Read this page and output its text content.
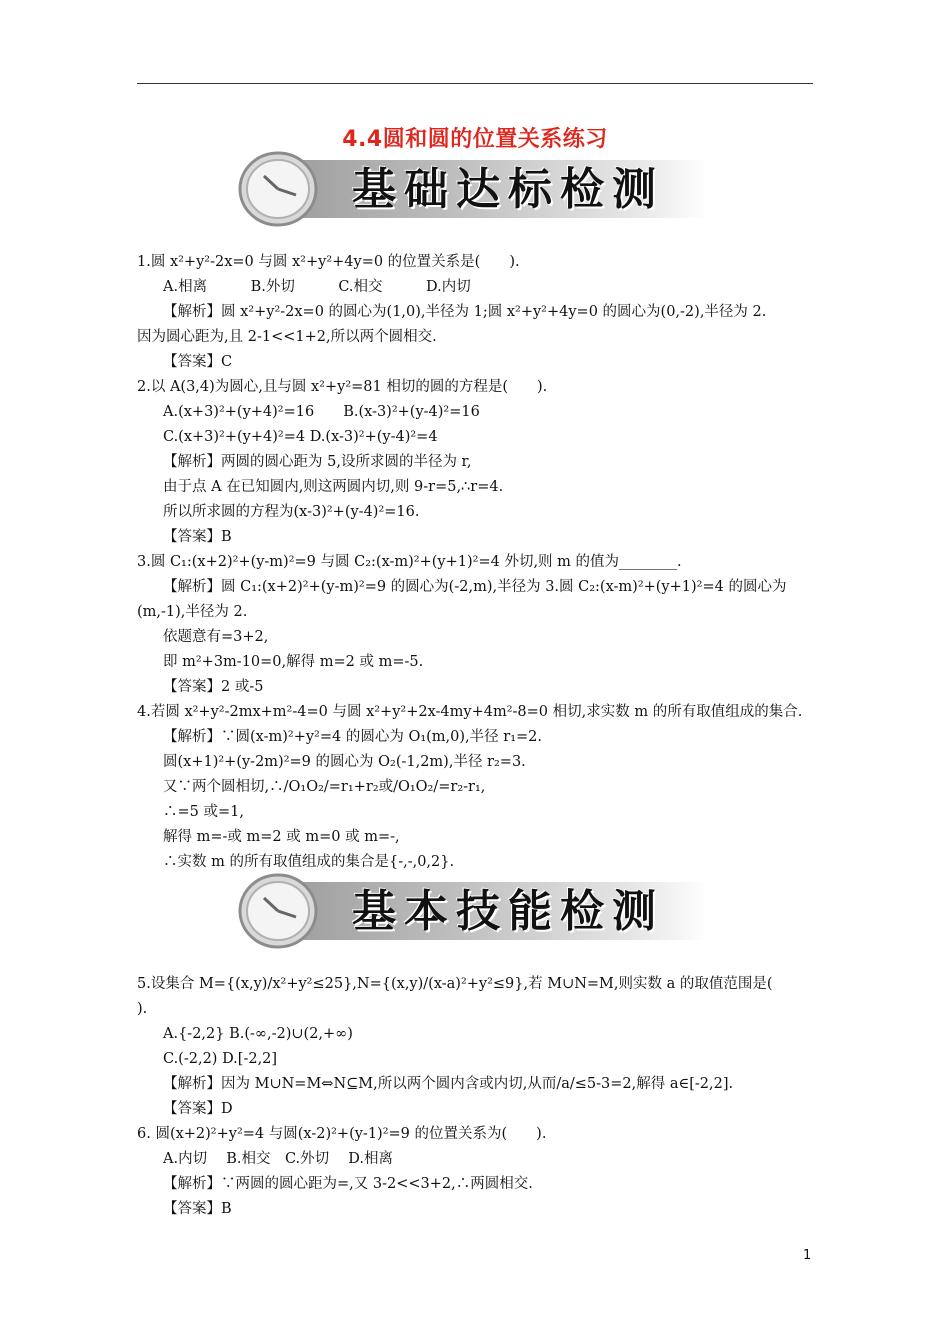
4.4圆和圆的位置关系练习
基础达标检测
基本技能检测
1.圆 x²+y²-2x=0 与圆 x²+y²+4y=0 的位置关系是(　　).
A.相离　　　B.外切　　　C.相交　　　D.内切
【解析】圆 x²+y²-2x=0 的圆心为(1,0),半径为 1;圆 x²+y²+4y=0 的圆心为(0,-2),半径为 2.
因为圆心距为,且 2-1<<1+2,所以两个圆相交.
【答案】C
2.以 A(3,4)为圆心,且与圆 x²+y²=81 相切的圆的方程是(　　).
A.(x+3)²+(y+4)²=16　　B.(x-3)²+(y-4)²=16
C.(x+3)²+(y+4)²=4 D.(x-3)²+(y-4)²=4
【解析】两圆的圆心距为 5,设所求圆的半径为 r,
由于点 A 在已知圆内,则这两圆内切,则 9-r=5,∴r=4.
所以所求圆的方程为(x-3)²+(y-4)²=16.
【答案】B
3.圆 C₁:(x+2)²+(y-m)²=9 与圆 C₂:(x-m)²+(y+1)²=4 外切,则 m 的值为________.
【解析】圆 C₁:(x+2)²+(y-m)²=9 的圆心为(-2,m),半径为 3.圆 C₂:(x-m)²+(y+1)²=4 的圆心为
(m,-1),半径为 2.
依题意有=3+2,
即 m²+3m-10=0,解得 m=2 或 m=-5.
【答案】2 或-5
4.若圆 x²+y²-2mx+m²-4=0 与圆 x²+y²+2x-4my+4m²-8=0 相切,求实数 m 的所有取值组成的集合.
【解析】∵圆(x-m)²+y²=4 的圆心为 O₁(m,0),半径 r₁=2.
圆(x+1)²+(y-2m)²=9 的圆心为 O₂(-1,2m),半径 r₂=3.
又∵两个圆相切,∴/O₁O₂/=r₁+r₂或/O₁O₂/=r₂-r₁,
∴=5 或=1,
解得 m=-或 m=2 或 m=0 或 m=-,
∴实数 m 的所有取值组成的集合是{-,-,0,2}.
5.设集合 M={(x,y)/x²+y²≤25},N={(x,y)/(x-a)²+y²≤9},若 M∪N=M,则实数 a 的取值范围是(
).
A.{-2,2} B.(-∞,-2)∪(2,+∞)
C.(-2,2) D.[-2,2]
【解析】因为 M∪N=M⇔N⊆M,所以两个圆内含或内切,从而/a/≤5-3=2,解得 a∈[-2,2].
【答案】D
6. 圆(x+2)²+y²=4 与圆(x-2)²+(y-1)²=9 的位置关系为(　　).
A.内切　 B.相交　C.外切　 D.相离
【解析】∵两圆的圆心距为=,又 3-2<<3+2,∴两圆相交.
【答案】B
1
